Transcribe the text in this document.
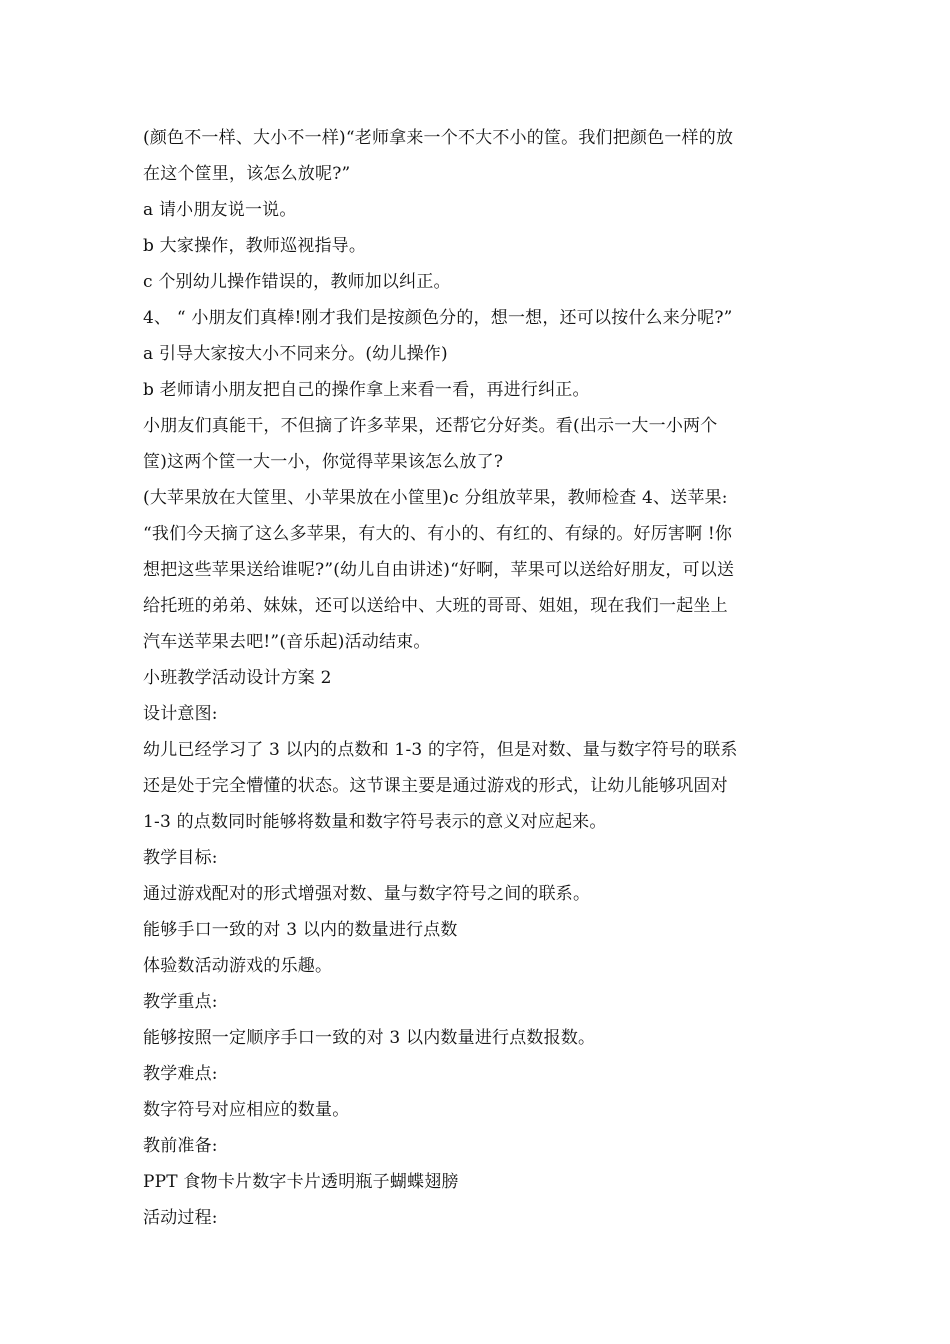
(颜色不一样、大小不一样)“老师拿来一个不大不小的筐。我们把颜色一样的放
在这个筐里，该怎么放呢?”
a 请小朋友说一说。
b 大家操作，教师巡视指导。
c 个别幼儿操作错误的，教师加以纠正。
4、 “ 小朋友们真棒!刚才我们是按颜色分的，想一想，还可以按什么来分呢?”
a 引导大家按大小不同来分。(幼儿操作)
b 老师请小朋友把自己的操作拿上来看一看，再进行纠正。
小朋友们真能干，不但摘了许多苹果，还帮它分好类。看(出示一大一小两个
筐)这两个筐一大一小，你觉得苹果该怎么放了?
(大苹果放在大筐里、小苹果放在小筐里)c 分组放苹果，教师检查 4、送苹果:
“我们今天摘了这么多苹果，有大的、有小的、有红的、有绿的。好厉害啊 !你
想把这些苹果送给谁呢?”(幼儿自由讲述)“好啊，苹果可以送给好朋友，可以送
给托班的弟弟、妹妹，还可以送给中、大班的哥哥、姐姐，现在我们一起坐上
汽车送苹果去吧!”(音乐起)活动结束。
小班教学活动设计方案 2
设计意图:
幼儿已经学习了 3 以内的点数和 1-3 的字符，但是对数、量与数字符号的联系
还是处于完全懵懂的状态。这节课主要是通过游戏的形式，让幼儿能够巩固对
1-3 的点数同时能够将数量和数字符号表示的意义对应起来。
教学目标:
通过游戏配对的形式增强对数、量与数字符号之间的联系。
能够手口一致的对 3 以内的数量进行点数
体验数活动游戏的乐趣。
教学重点:
能够按照一定顺序手口一致的对 3 以内数量进行点数报数。
教学难点:
数字符号对应相应的数量。
教前准备:
PPT 食物卡片数字卡片透明瓶子蝴蝶翅膀
活动过程:
